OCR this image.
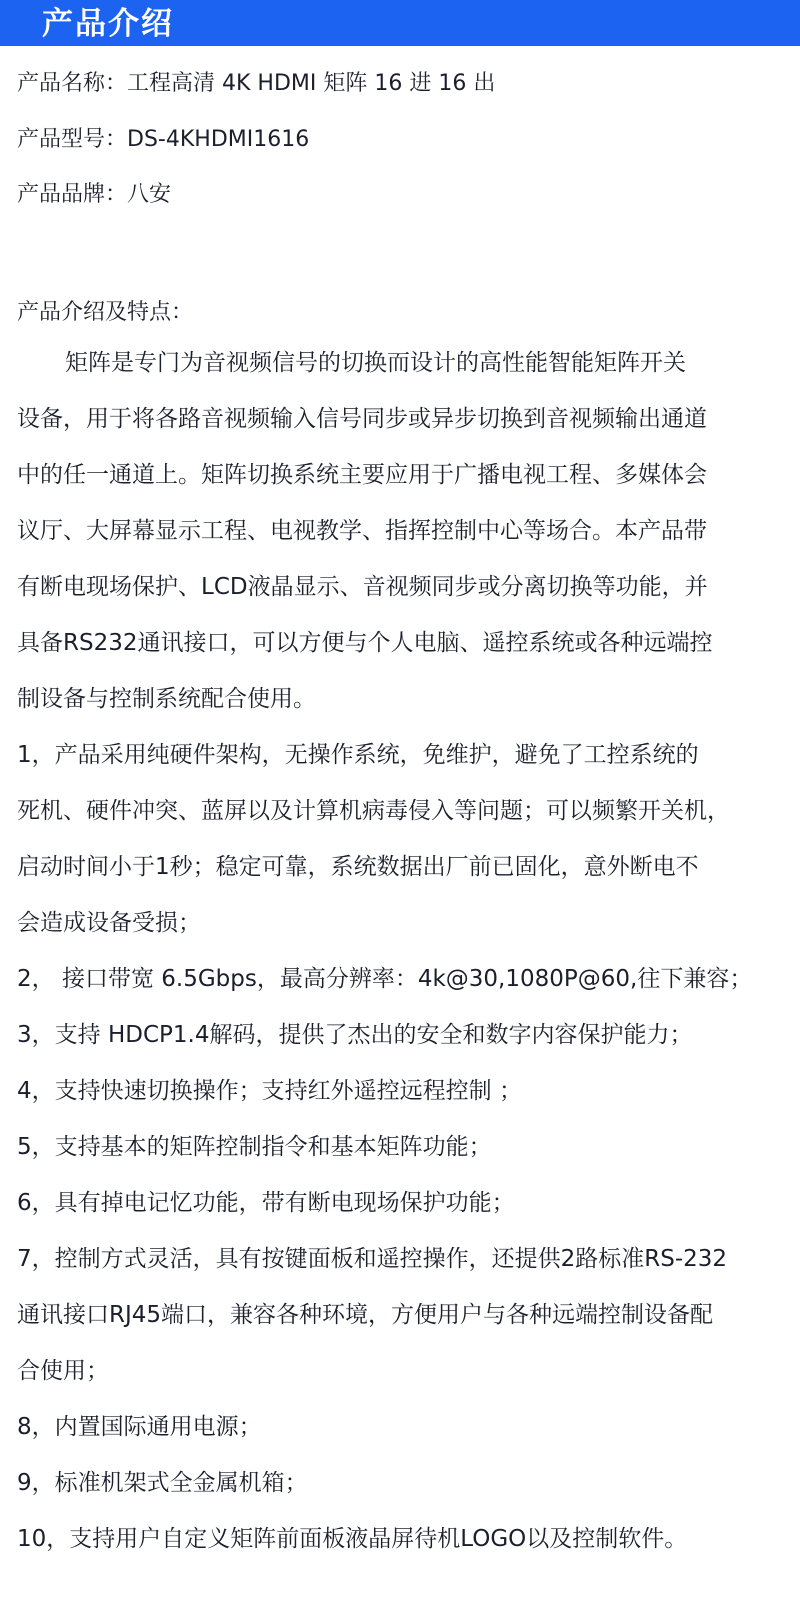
产品介绍
产品名称：工程高清 4K HDMI 矩阵 16 进 16 出
产品型号：DS-4KHDMI1616
产品品牌：八安
产品介绍及特点：
矩阵是专门为音视频信号的切换而设计的高性能智能矩阵开关
设备，用于将各路音视频输入信号同步或异步切换到音视频输出通道
中的任一通道上。矩阵切换系统主要应用于广播电视工程、多媒体会
议厅、大屏幕显示工程、电视教学、指挥控制中心等场合。本产品带
有断电现场保护、LCD液晶显示、音视频同步或分离切换等功能，并
具备RS232通讯接口，可以方便与个人电脑、遥控系统或各种远端控
制设备与控制系统配合使用。
1，产品采用纯硬件架构，无操作系统，免维护，避免了工控系统的
死机、硬件冲突、蓝屏以及计算机病毒侵入等问题；可以频繁开关机，
启动时间小于1秒；稳定可靠，系统数据出厂前已固化，意外断电不
会造成设备受损；
2， 接口带宽 6.5Gbps，最高分辨率：4k@30,1080P@60,往下兼容；
3，支持 HDCP1.4解码，提供了杰出的安全和数字内容保护能力；
4，支持快速切换操作；支持红外遥控远程控制 ；
5，支持基本的矩阵控制指令和基本矩阵功能；
6，具有掉电记忆功能，带有断电现场保护功能；
7，控制方式灵活，具有按键面板和遥控操作，还提供2路标准RS-232
通讯接口RJ45端口，兼容各种环境，方便用户与各种远端控制设备配
合使用；
8，内置国际通用电源；
9，标准机架式全金属机箱；
10，支持用户自定义矩阵前面板液晶屏待机LOGO以及控制软件。
